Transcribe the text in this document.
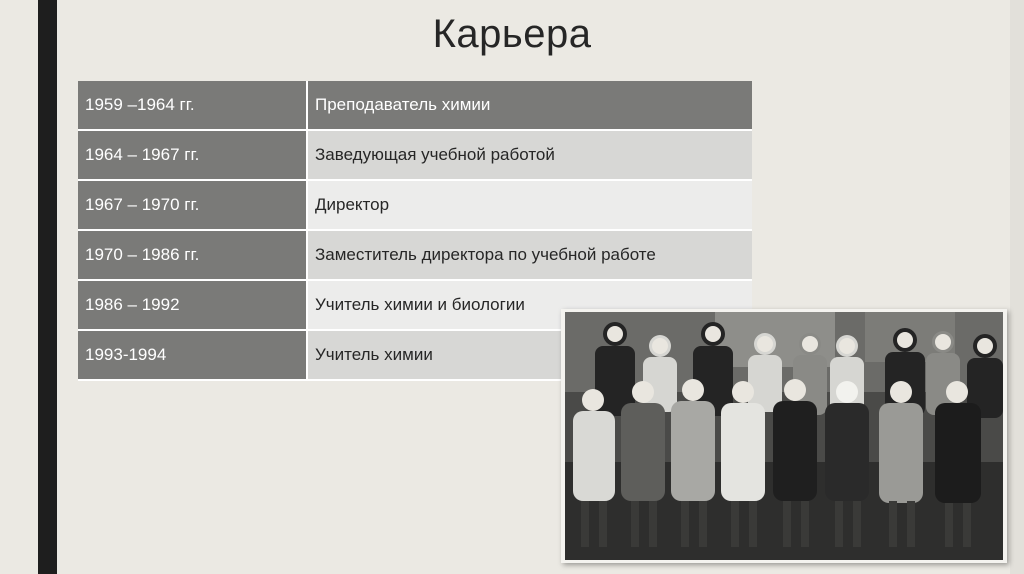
Карьера
1959 –1964 гг.	Преподаватель химии
1964 – 1967 гг.	Заведующая учебной работой
1967 – 1970 гг.	Директор
1970 – 1986 гг.	Заместитель директора по учебной работе
1986 – 1992	Учитель химии и биологии
1993-1994	Учитель химии
